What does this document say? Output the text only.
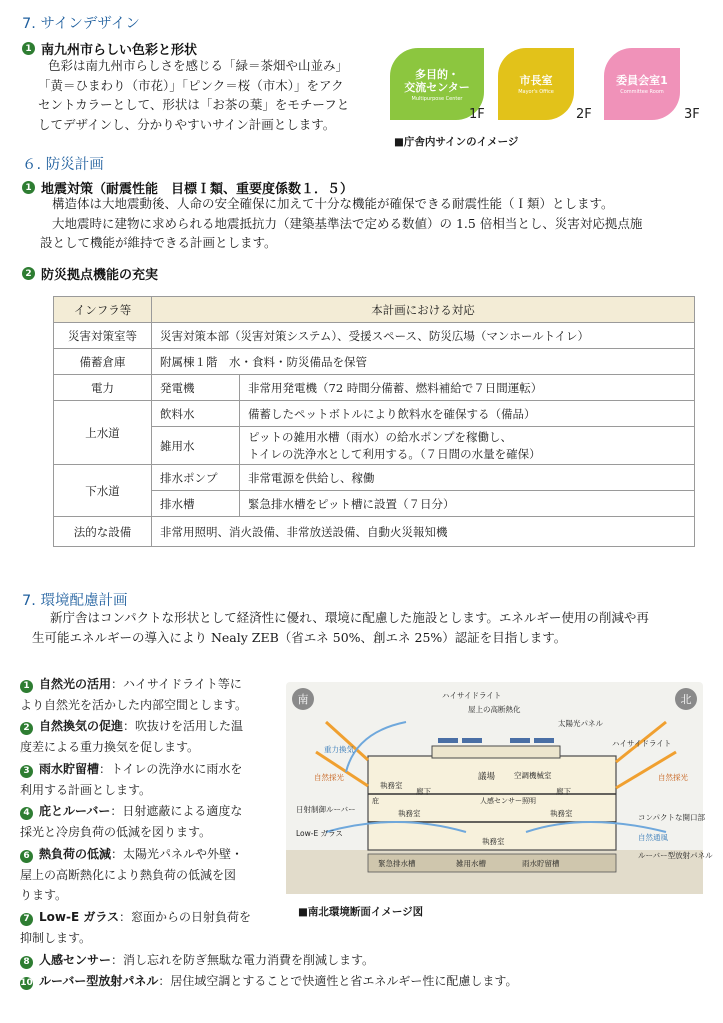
7. サインデザイン
1 南九州市らしい色彩と形状
色彩は南九州市らしさを感じる「緑＝茶畑や山並み」
「黄＝ひまわり（市花）」「ピンク＝桜（市木）」をアク
セントカラーとして、形状は「お茶の葉」をモチーフと
してデザインし、分かりやすいサイン計画とします。
多目的・
交流センター
Multipurpose Center
1F
市長室
Mayor's Office
2F
委員会室1
Committee Room
3F
■庁舎内サインのイメージ
６. 防災計画
1 地震対策（耐震性能　目標Ｉ類、重要度係数１．５）
構造体は大地震動後、人命の安全確保に加えて十分な機能が確保できる耐震性能（Ｉ類）とします。
大地震時に建物に求められる地震抵抗力（建築基準法で定める数値）の 1.5 倍相当とし、災害対応拠点施
設として機能が維持できる計画とします。
2 防災拠点機能の充実
インフラ等	本計画における対応	
災害対策室等	災害対策本部（災害対策システム）、受援スペース、防災広場（マンホールトイレ）	
備蓄倉庫	附属棟１階　水・食料・防災備品を保管	
電力	発電機	非常用発電機（72 時間分備蓄、燃料補給で７日間運転）
上水道	飲料水	備蓄したペットボトルにより飲料水を確保する（備品）
	雑用水	ピットの雑用水槽（雨水）の給水ポンプを稼働し、
トイレの洗浄水として利用する。（７日間の水量を確保）

下水道	排水ポンプ	非常電源を供給し、稼働
	排水槽	緊急排水槽をピット槽に設置（７日分）
法的な設備	非常用照明、消火設備、非常放送設備、自動火災報知機	
7. 環境配慮計画
新庁舎はコンパクトな形状として経済性に優れ、環境に配慮した施設とします。エネルギー使用の削減や再
生可能エネルギーの導入により Nealy ZEB（省エネ 50%、創エネ 25%）認証を目指します。
1 自然光の活用：ハイサイドライト等に
より自然光を活かした内部空間とします。
2 自然換気の促進：吹抜けを活用した温
度差による重力換気を促します。
3 雨水貯留槽：トイレの洗浄水に雨水を
利用する計画とします。
4 庇とルーバー：日射遮蔽による適度な
採光と冷房負荷の低減を図ります。
6 熱負荷の低減：太陽光パネルや外壁・
屋上の高断熱化により熱負荷の低減を図
ります。
7 Low-E ガラス：窓面からの日射負荷を
抑制します。
8 人感センサー：消し忘れを防ぎ無駄な電力消費を削減します。
10 ルーバー型放射パネル：居住域空調とすることで快適性と省エネルギー性に配慮します。
南	北
ハイサイドライト
屋上の高断熱化
太陽光パネル
ハイサイドライト
重力換気
自然採光	自然採光
議場	空調機械室
執務室
廊下	廊下
執務室	執務室
執務室
人感センサー照明
庇
日射制御ルーバー
Low-E ガラス
コンパクトな開口部
自然通風
ルーバー型放射パネル
緊急排水槽	雑用水槽	雨水貯留槽
■南北環境断面イメージ図
